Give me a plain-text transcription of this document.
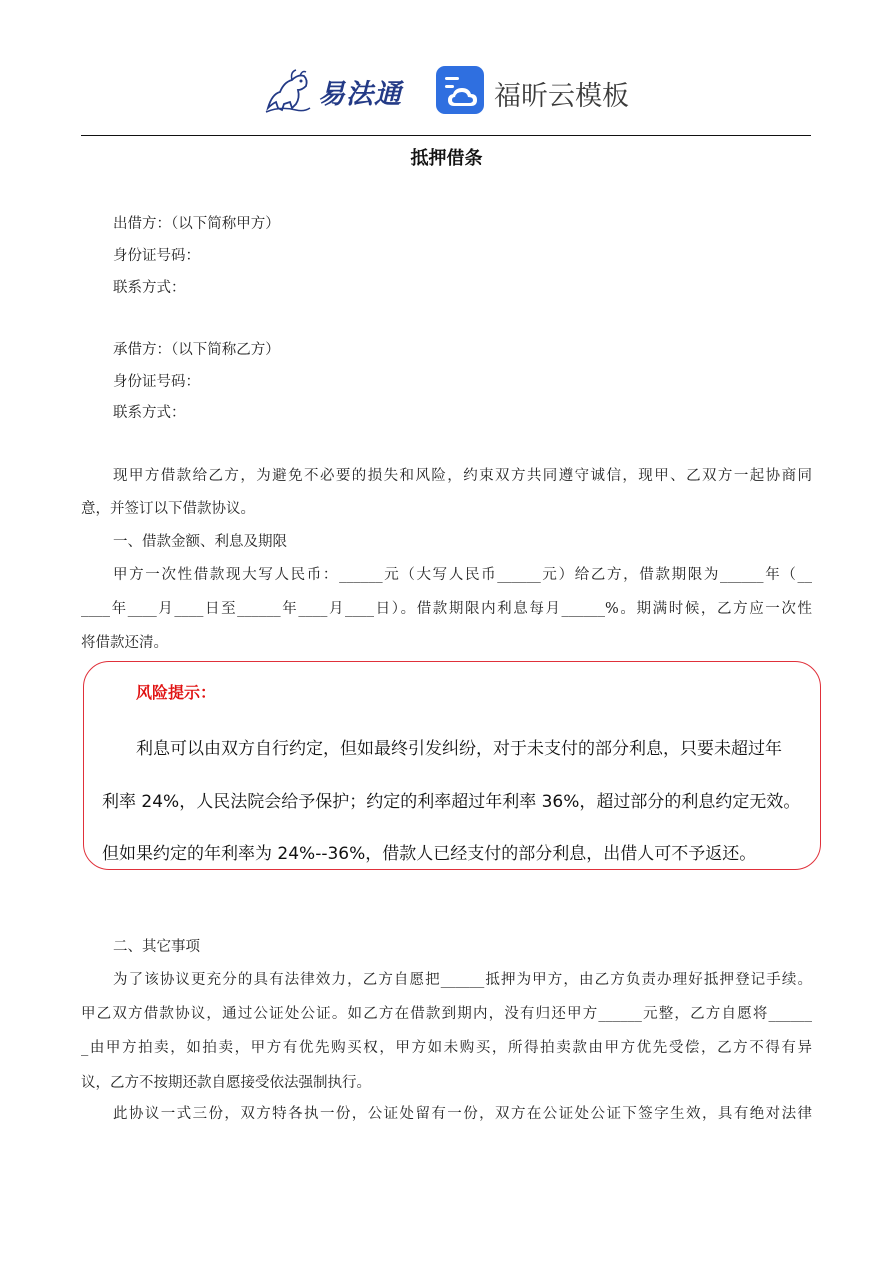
易法通	福昕云模板
抵押借条
出借方：（以下简称甲方）
身份证号码：
联系方式：
承借方：（以下简称乙方）
身份证号码：
联系方式：
现甲方借款给乙方，为避免不必要的损失和风险，约束双方共同遵守诚信，现甲、乙双方一起协商同
意，并签订以下借款协议。
一、借款金额、利息及期限
甲方一次性借款现大写人民币：______元（大写人民币______元）给乙方，借款期限为______年（__
____年____月____日至______年____月____日）。借款期限内利息每月______%。期满时候，乙方应一次性
将借款还清。
风险提示：
利息可以由双方自行约定，但如最终引发纠纷，对于未支付的部分利息，只要未超过年
利率 24%，人民法院会给予保护；约定的利率超过年利率 36%，超过部分的利息约定无效。
但如果约定的年利率为 24%--36%，借款人已经支付的部分利息，出借人可不予返还。
二、其它事项
为了该协议更充分的具有法律效力，乙方自愿把______抵押为甲方，由乙方负责办理好抵押登记手续。
甲乙双方借款协议，通过公证处公证。如乙方在借款到期内，没有归还甲方______元整，乙方自愿将______
_由甲方拍卖，如拍卖，甲方有优先购买权，甲方如未购买，所得拍卖款由甲方优先受偿，乙方不得有异
议，乙方不按期还款自愿接受依法强制执行。
此协议一式三份，双方特各执一份，公证处留有一份，双方在公证处公证下签字生效，具有绝对法律
